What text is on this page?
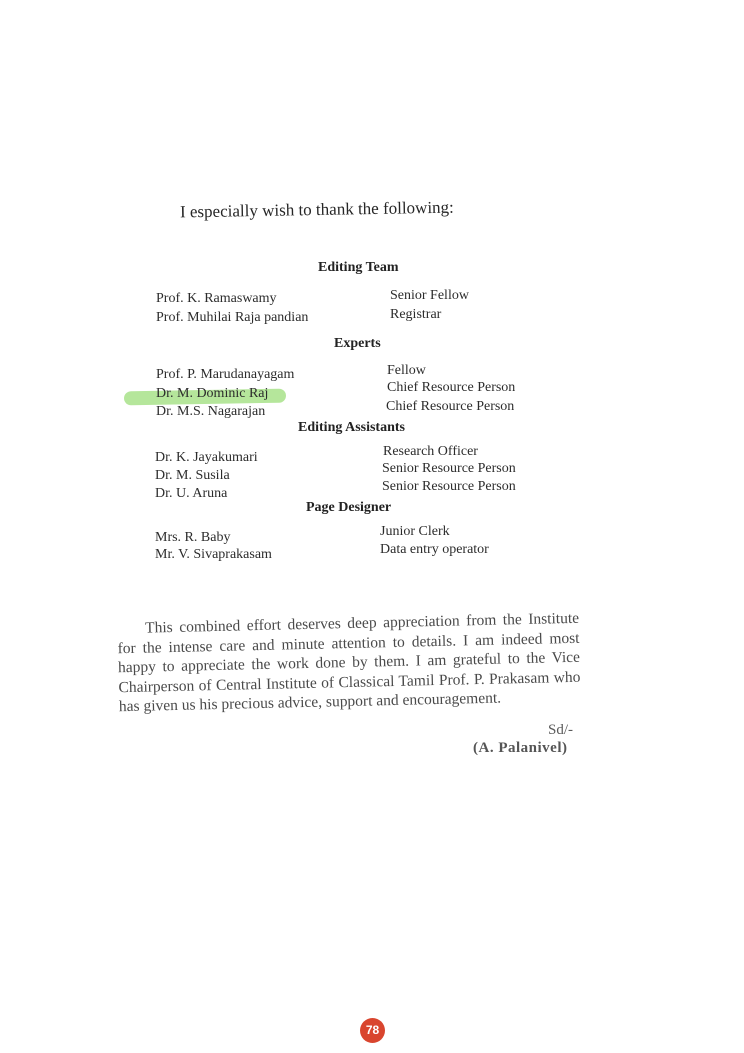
I especially wish to thank the following:
Editing Team
Prof. K. Ramaswamy	Senior Fellow
Prof. Muhilai Raja pandian	Registrar
Experts
Prof. P. Marudanayagam	Fellow
Dr. M. Dominic Raj	Chief Resource Person
Dr. M.S. Nagarajan	Chief Resource Person
Editing Assistants
Dr. K. Jayakumari	Research Officer
Dr. M. Susila	Senior Resource Person
Dr. U. Aruna	Senior Resource Person
Page Designer
Mrs. R. Baby	Junior Clerk
Mr. V. Sivaprakasam	Data entry operator
This combined effort deserves deep appreciation from the Institute for the intense care and minute attention to details. I am indeed most happy to appreciate the work done by them. I am grateful to the Vice Chairperson of Central Institute of Classical Tamil Prof. P. Prakasam who has given us his precious advice, support and encouragement.
Sd/-
(A. Palanivel)
78
